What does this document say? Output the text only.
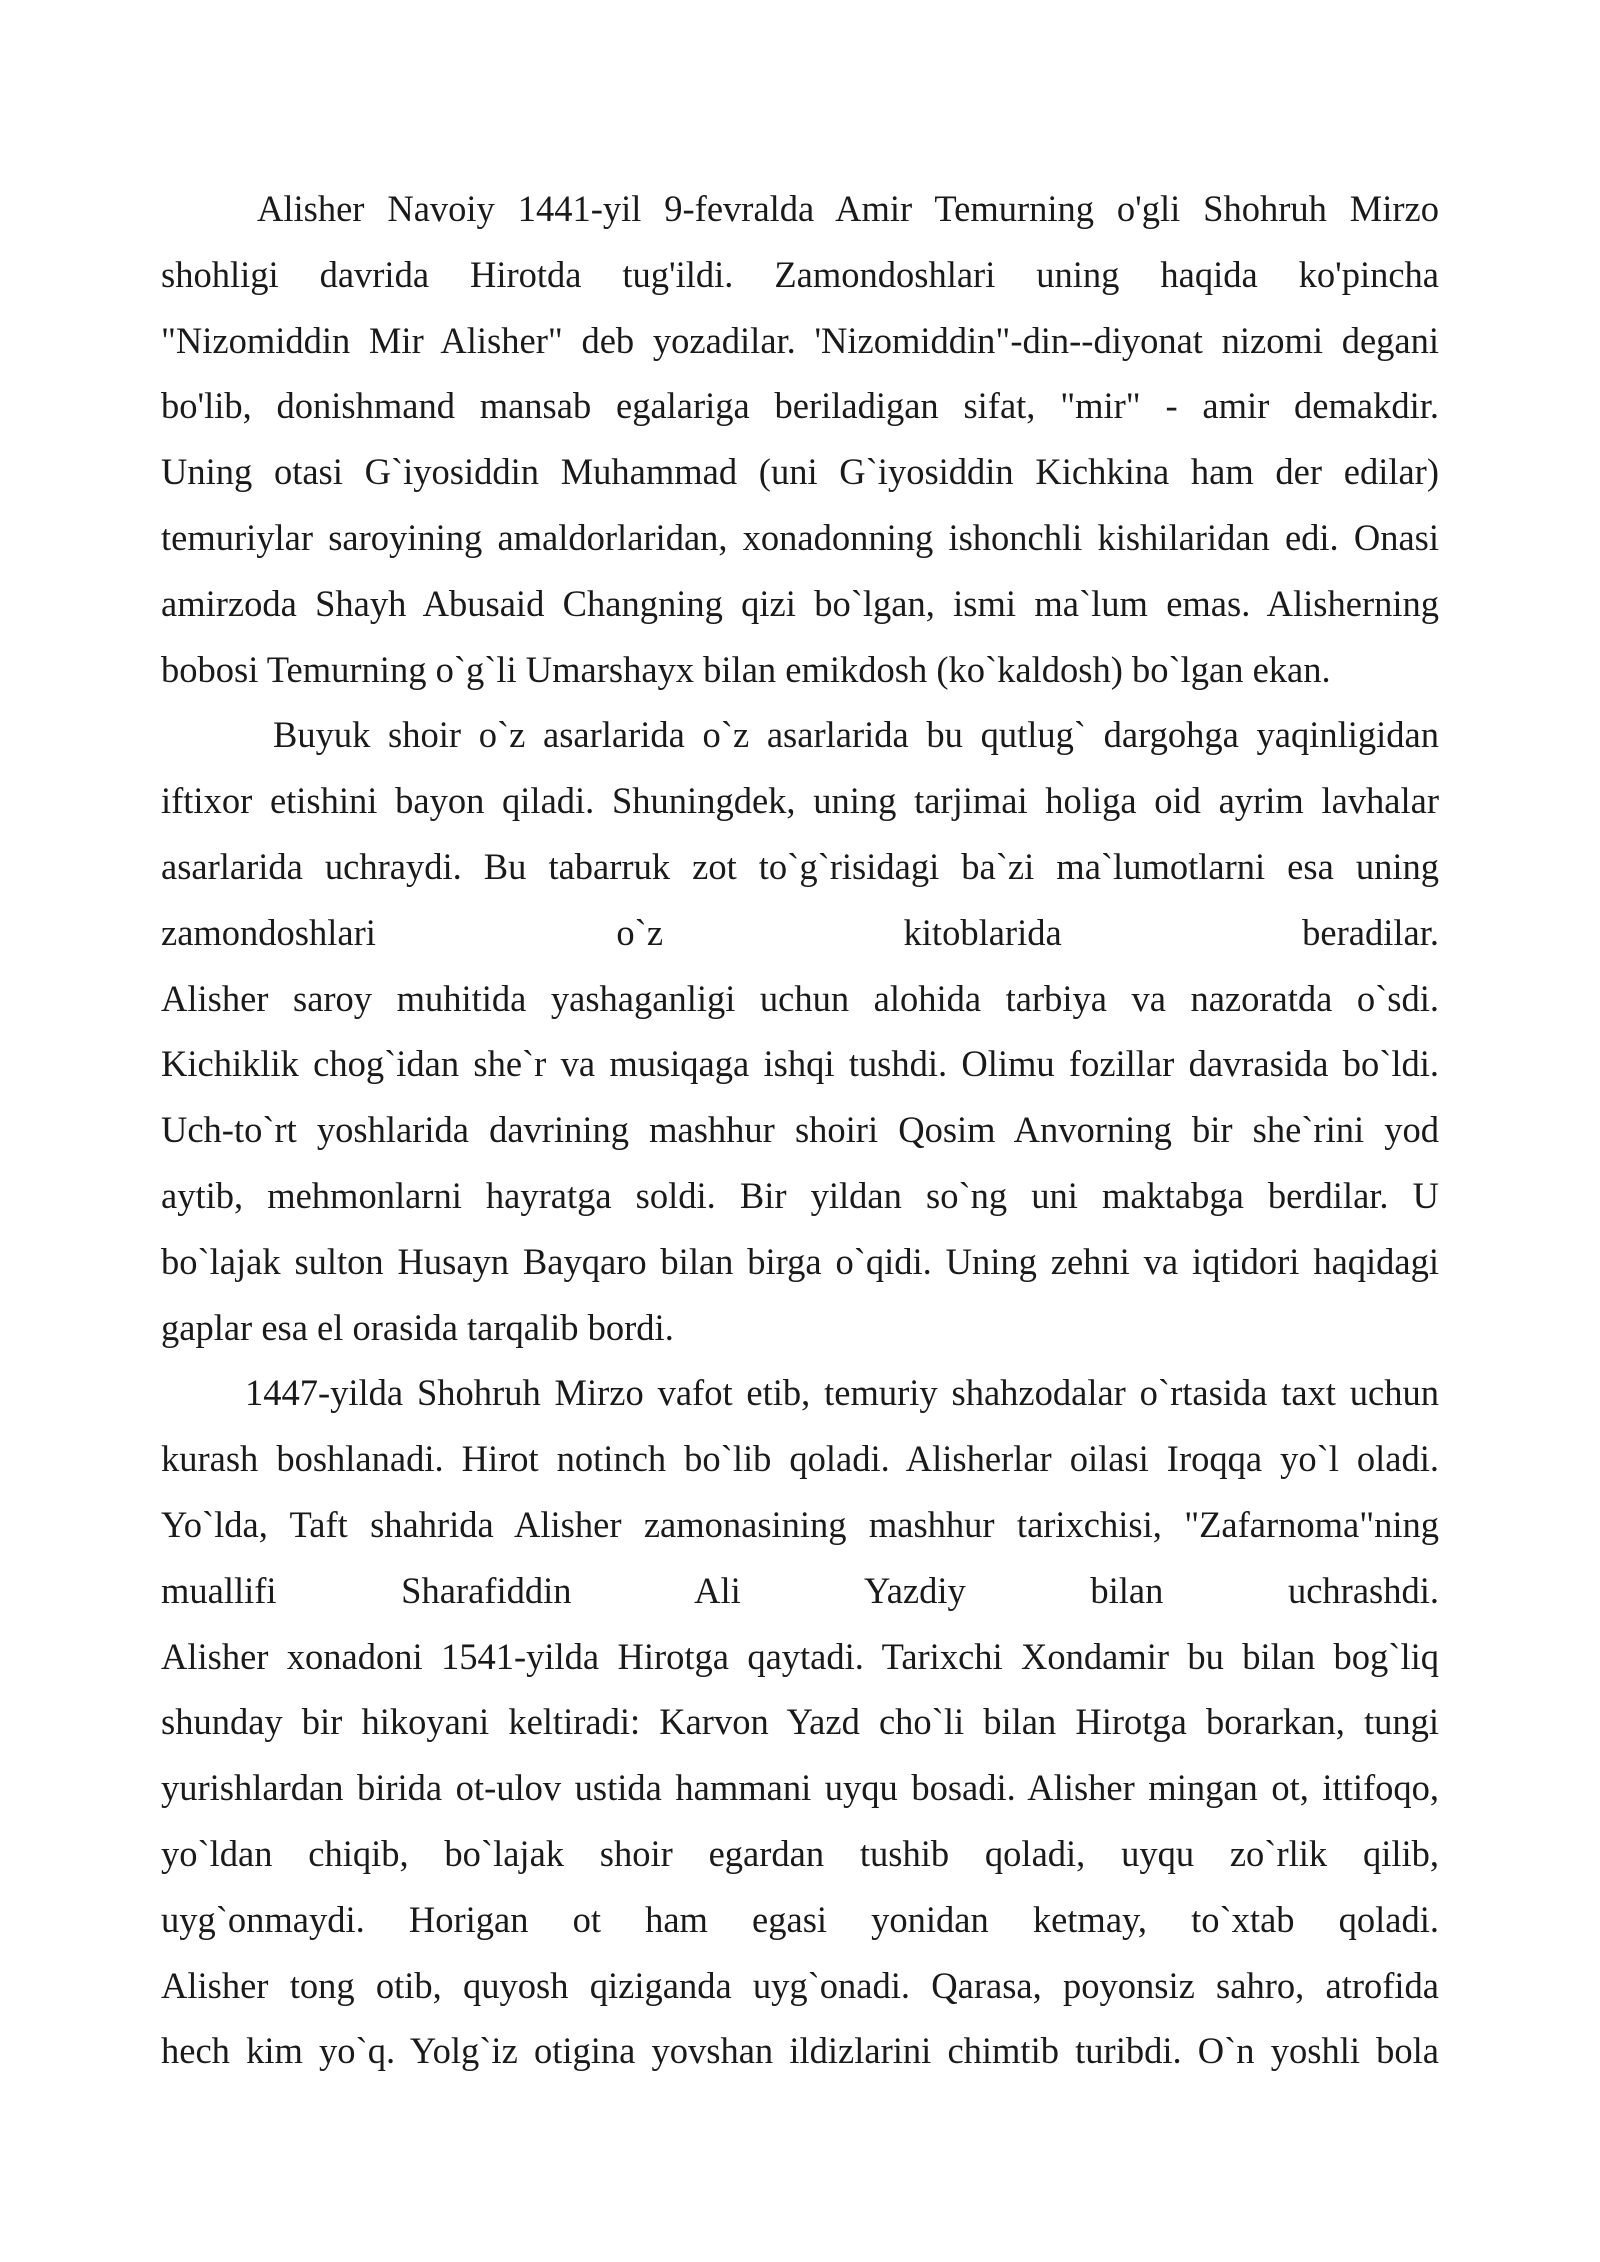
Alisher Navoiy 1441-yil 9-fevralda Amir Temurning o'gli Shohruh Mirzo
shohligi davrida Hirotda tug'ildi. Zamondoshlari uning haqida ko'pincha
"Nizomiddin Mir Alisher" deb yozadilar. 'Nizomiddin"-din--diyonat nizomi degani
bo'lib, donishmand mansab egalariga beriladigan sifat, "mir" - amir demakdir.
Uning otasi G`iyosiddin Muhammad (uni G`iyosiddin Kichkina ham der edilar)
temuriylar saroyining amaldorlaridan, xonadonning ishonchli kishilaridan edi. Onasi
amirzoda Shayh Abusaid Changning qizi bo`lgan, ismi ma`lum emas. Alisherning
bobosi Temurning o`g`li Umarshayx bilan emikdosh (ko`kaldosh) bo`lgan ekan.
Buyuk shoir o`z asarlarida o`z asarlarida bu qutlug` dargohga yaqinligidan
iftixor etishini bayon qiladi. Shuningdek, uning tarjimai holiga oid ayrim lavhalar
asarlarida uchraydi. Bu tabarruk zot to`g`risidagi ba`zi ma`lumotlarni esa uning
zamondoshlari o`z kitoblarida beradilar.
Alisher saroy muhitida yashaganligi uchun alohida tarbiya va nazoratda o`sdi.
Kichiklik chog`idan she`r va musiqaga ishqi tushdi. Olimu fozillar davrasida bo`ldi.
Uch-to`rt yoshlarida davrining mashhur shoiri Qosim Anvorning bir she`rini yod
aytib, mehmonlarni hayratga soldi. Bir yildan so`ng uni maktabga berdilar. U
bo`lajak sulton Husayn Bayqaro bilan birga o`qidi. Uning zehni va iqtidori haqidagi
gaplar esa el orasida tarqalib bordi.
1447-yilda Shohruh Mirzo vafot etib, temuriy shahzodalar o`rtasida taxt uchun
kurash boshlanadi. Hirot notinch bo`lib qoladi. Alisherlar oilasi Iroqqa yo`l oladi.
Yo`lda, Taft shahrida Alisher zamonasining mashhur tarixchisi, "Zafarnoma"ning
muallifi Sharafiddin Ali Yazdiy bilan uchrashdi.
Alisher xonadoni 1541-yilda Hirotga qaytadi. Tarixchi Xondamir bu bilan bog`liq
shunday bir hikoyani keltiradi: Karvon Yazd cho`li bilan Hirotga borarkan, tungi
yurishlardan birida ot-ulov ustida hammani uyqu bosadi. Alisher mingan ot, ittifoqo,
yo`ldan chiqib, bo`lajak shoir egardan tushib qoladi, uyqu zo`rlik qilib,
uyg`onmaydi. Horigan ot ham egasi yonidan ketmay, to`xtab qoladi.
Alisher tong otib, quyosh qiziganda uyg`onadi. Qarasa, poyonsiz sahro, atrofida
hech kim yo`q. Yolg`iz otigina yovshan ildizlarini chimtib turibdi. O`n yoshli bola
